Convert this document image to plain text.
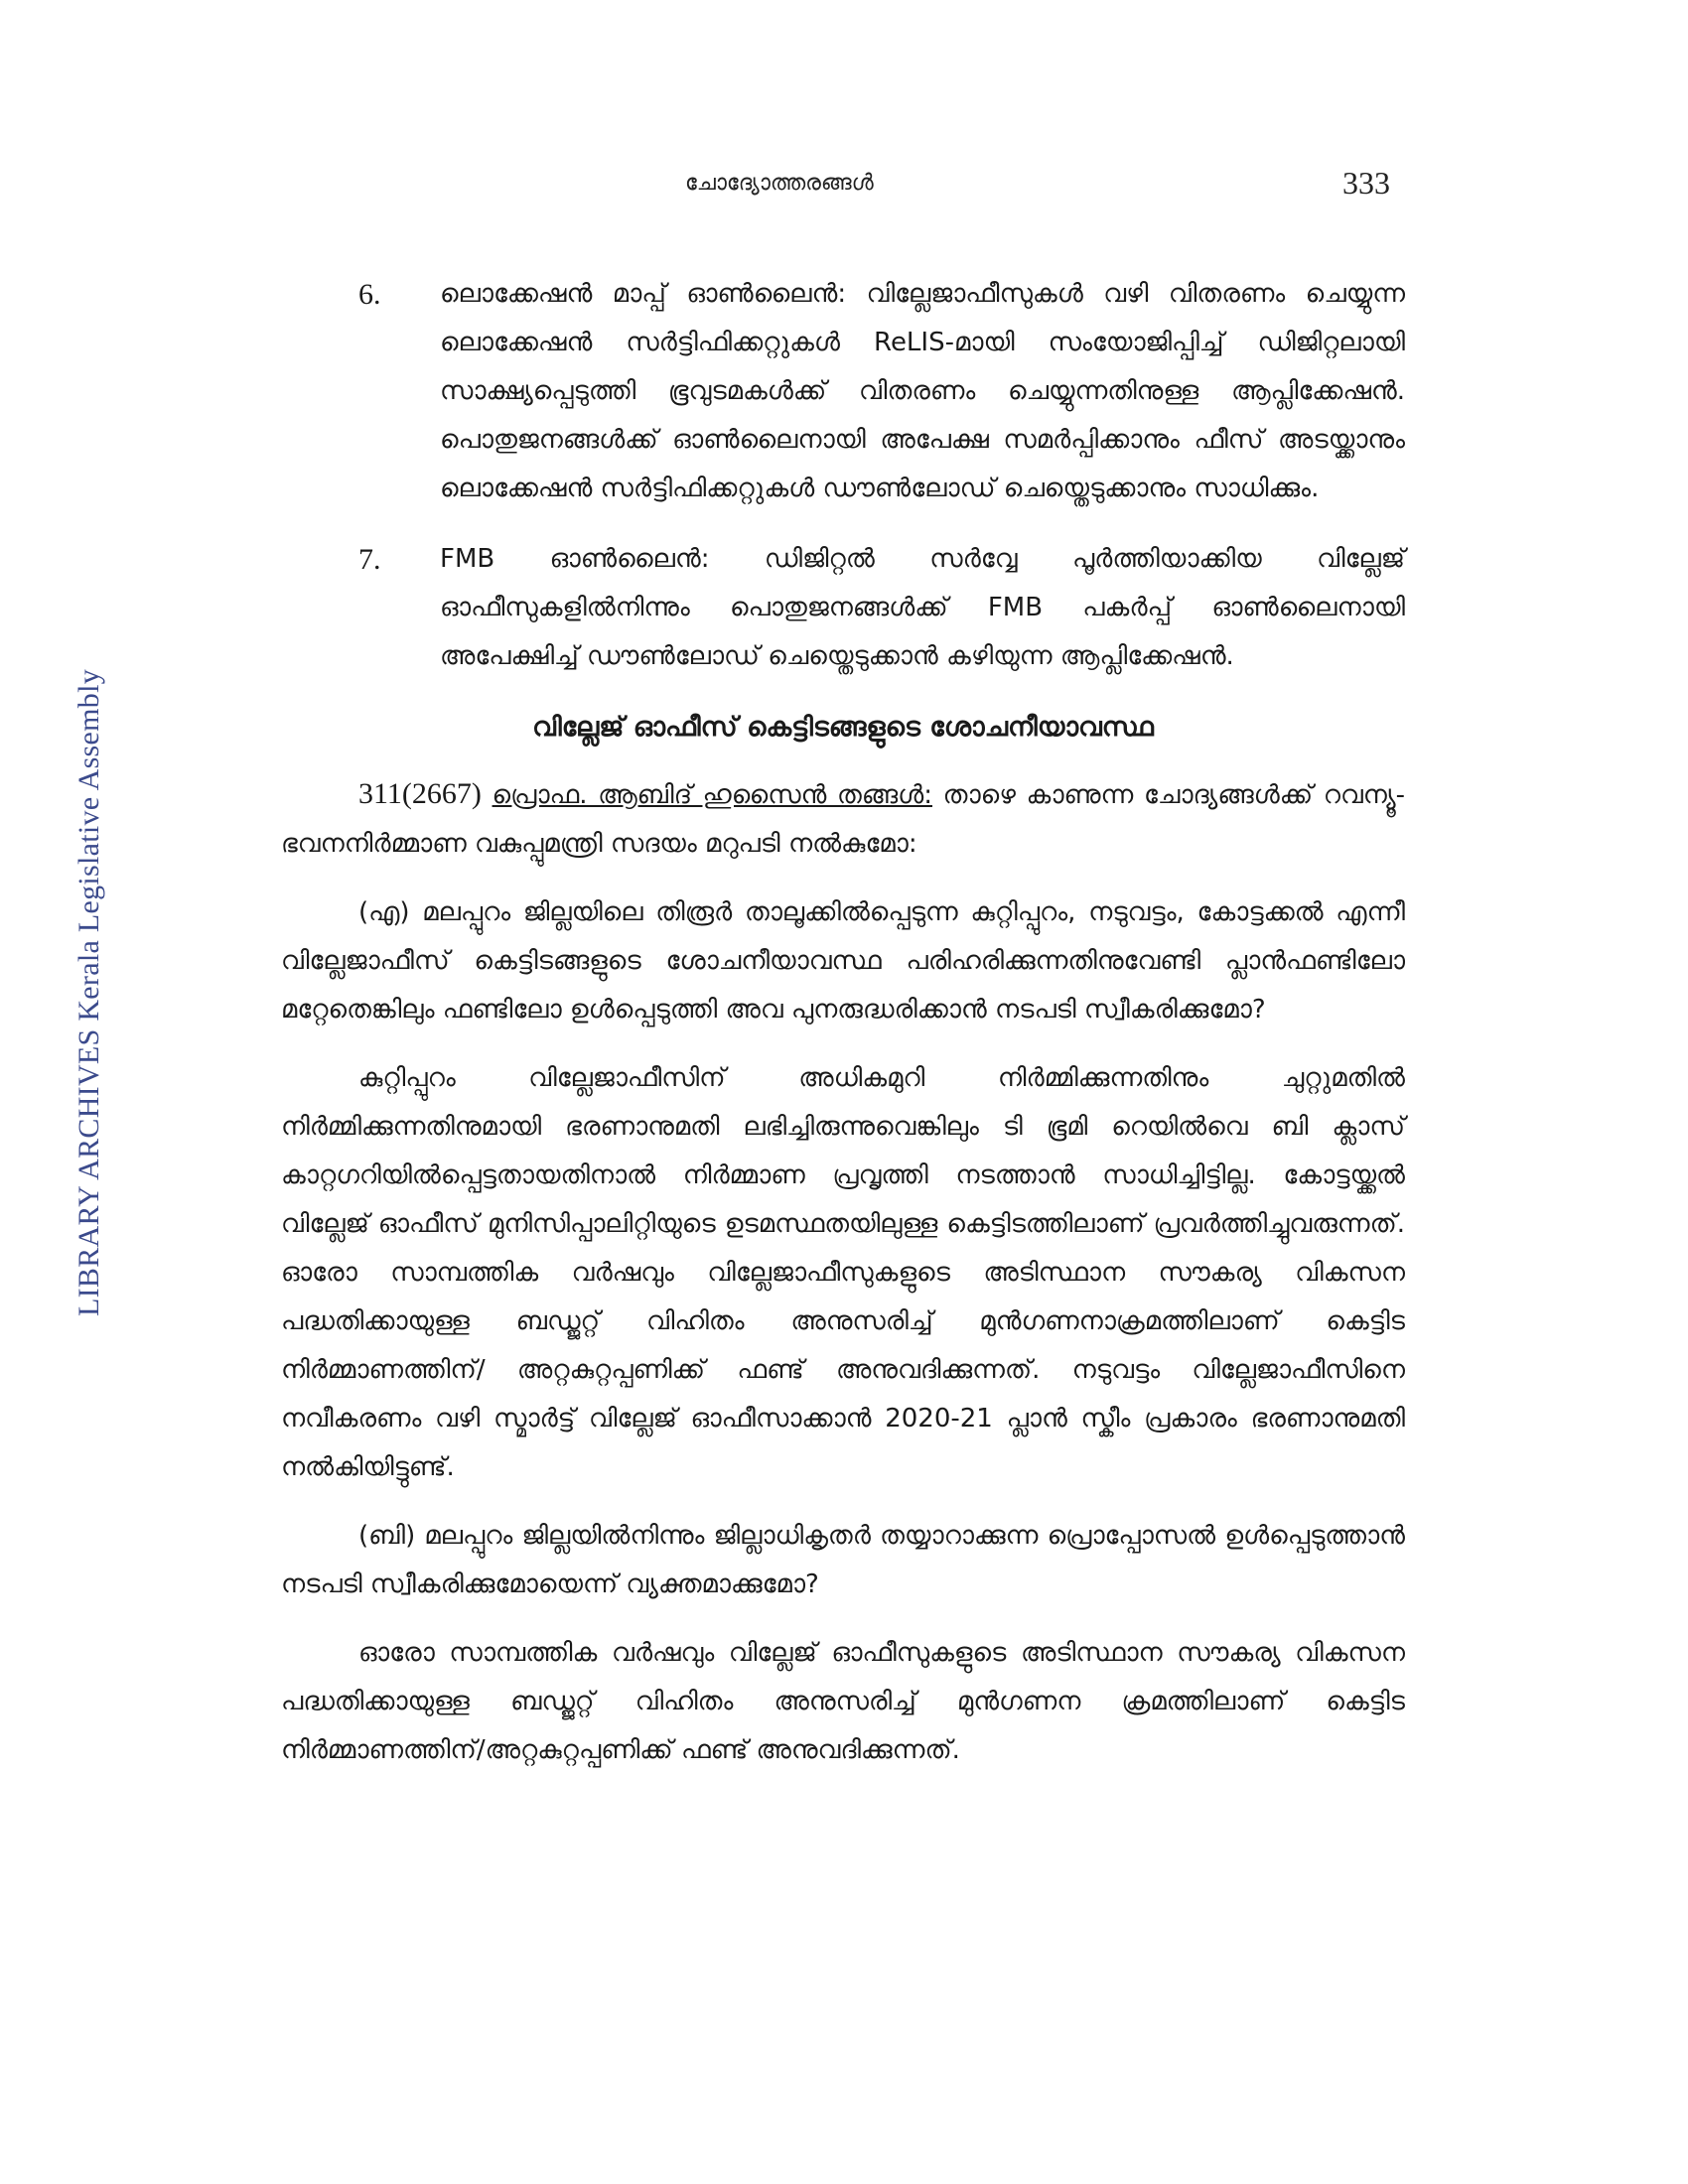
ചോദ്യോത്തരങ്ങൾ	333
LIBRARY ARCHIVES Kerala Legislative Assembly
6.	ലൊക്കേഷൻ മാപ്പ് ഓൺലൈൻ: വില്ലേജാഫീസുകൾ വഴി വിതരണം ചെയ്യുന്ന ലൊക്കേഷൻ സർട്ടിഫിക്കറ്റുകൾ ReLIS-മായി സംയോജിപ്പിച്ച് ഡിജിറ്റലായി സാക്ഷ്യപ്പെടുത്തി ഭൂവുടമകൾക്ക് വിതരണം ചെയ്യുന്നതിനുള്ള ആപ്ലിക്കേഷൻ. പൊതുജനങ്ങൾക്ക് ഓൺലൈനായി അപേക്ഷ സമർപ്പിക്കാനും ഫീസ് അടയ്ക്കാനും ലൊക്കേഷൻ സർട്ടിഫിക്കറ്റുകൾ ഡൗൺലോഡ് ചെയ്തെടുക്കാനും സാധിക്കും.
7.	FMB ഓൺലൈൻ: ഡിജിറ്റൽ സർവ്വേ പൂർത്തിയാക്കിയ വില്ലേജ് ഓഫീസുകളിൽനിന്നും പൊതുജനങ്ങൾക്ക് FMB പകർപ്പ് ഓൺലൈനായി അപേക്ഷിച്ച് ഡൗൺലോഡ് ചെയ്തെടുക്കാൻ കഴിയുന്ന ആപ്ലിക്കേഷൻ.
വില്ലേജ് ഓഫീസ് കെട്ടിടങ്ങളുടെ ശോചനീയാവസ്ഥ

311(2667) പ്രൊഫ. ആബിദ് ഹുസൈൻ തങ്ങൾ: താഴെ കാണുന്ന ചോദ്യങ്ങൾക്ക് റവന്യൂ-ഭവനനിർമ്മാണ വകുപ്പുമന്ത്രി സദയം മറുപടി നൽകുമോ:

(എ) മലപ്പുറം ജില്ലയിലെ തിരൂർ താലൂക്കിൽപ്പെടുന്ന കുറ്റിപ്പുറം, നടുവട്ടം, കോട്ടക്കൽ എന്നീ വില്ലേജാഫീസ് കെട്ടിടങ്ങളുടെ ശോചനീയാവസ്ഥ പരിഹരിക്കുന്നതിനുവേണ്ടി പ്ലാൻഫണ്ടിലോ മറ്റേതെങ്കിലും ഫണ്ടിലോ ഉൾപ്പെടുത്തി അവ പുനരുദ്ധരിക്കാൻ നടപടി സ്വീകരിക്കുമോ?

കുറ്റിപ്പുറം വില്ലേജാഫീസിന് അധികമുറി നിർമ്മിക്കുന്നതിനും ചുറ്റുമതിൽ നിർമ്മിക്കുന്നതിനുമായി ഭരണാനുമതി ലഭിച്ചിരുന്നുവെങ്കിലും ടി ഭൂമി റെയിൽവെ ബി ക്ലാസ് കാറ്റഗറിയിൽപ്പെട്ടതായതിനാൽ നിർമ്മാണ പ്രവൃത്തി നടത്താൻ സാധിച്ചിട്ടില്ല. കോട്ടയ്ക്കൽ വില്ലേജ് ഓഫീസ് മുനിസിപ്പാലിറ്റിയുടെ ഉടമസ്ഥതയിലുള്ള കെട്ടിടത്തിലാണ് പ്രവർത്തിച്ചുവരുന്നത്. ഓരോ സാമ്പത്തിക വർഷവും വില്ലേജാഫീസുകളുടെ അടിസ്ഥാന സൗകര്യ വികസന പദ്ധതിക്കായുള്ള ബഡ്ജറ്റ് വിഹിതം അനുസരിച്ച് മുൻഗണനാക്രമത്തിലാണ് കെട്ടിട നിർമ്മാണത്തിന്/ അറ്റകുറ്റപ്പണിക്ക് ഫണ്ട് അനുവദിക്കുന്നത്. നടുവട്ടം വില്ലേജാഫീസിനെ നവീകരണം വഴി സ്മാർട്ട് വില്ലേജ് ഓഫീസാക്കാൻ 2020-21 പ്ലാൻ സ്കീം പ്രകാരം ഭരണാനുമതി നൽകിയിട്ടുണ്ട്.

(ബി) മലപ്പുറം ജില്ലയിൽനിന്നും ജില്ലാധികൃതർ തയ്യാറാക്കുന്ന പ്രൊപ്പോസൽ ഉൾപ്പെടുത്താൻ നടപടി സ്വീകരിക്കുമോയെന്ന് വ്യക്തമാക്കുമോ?

ഓരോ സാമ്പത്തിക വർഷവും വില്ലേജ് ഓഫീസുകളുടെ അടിസ്ഥാന സൗകര്യ വികസന പദ്ധതിക്കായുള്ള ബഡ്ജറ്റ് വിഹിതം അനുസരിച്ച് മുൻഗണന ക്രമത്തിലാണ് കെട്ടിട നിർമ്മാണത്തിന്/അറ്റകുറ്റപ്പണിക്ക് ഫണ്ട് അനുവദിക്കുന്നത്.
